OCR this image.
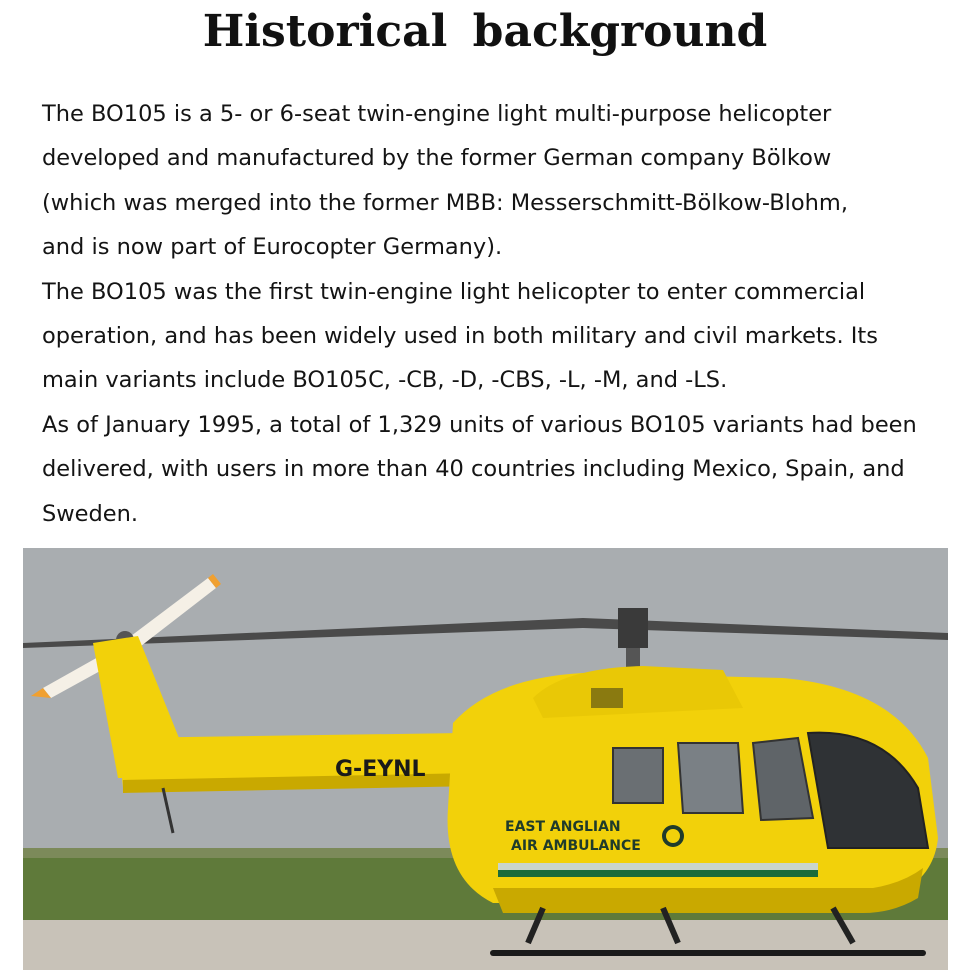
Historical background
The BO105 is a 5- or 6-seat twin-engine light multi-purpose helicopter
developed and manufactured by the former German company Bölkow
(which was merged into the former MBB: Messerschmitt-Bölkow-Blohm,
and is now part of Eurocopter Germany).
The BO105 was the first twin-engine light helicopter to enter commercial
operation, and has been widely used in both military and civil markets. Its
main variants include BO105C, -CB, -D, -CBS, -L, -M, and -LS.
As of January 1995, a total of 1,329 units of various BO105 variants had been
delivered, with users in more than 40 countries including Mexico, Spain, and
Sweden.
G-EYNL
EAST ANGLIAN
AIR AMBULANCE
